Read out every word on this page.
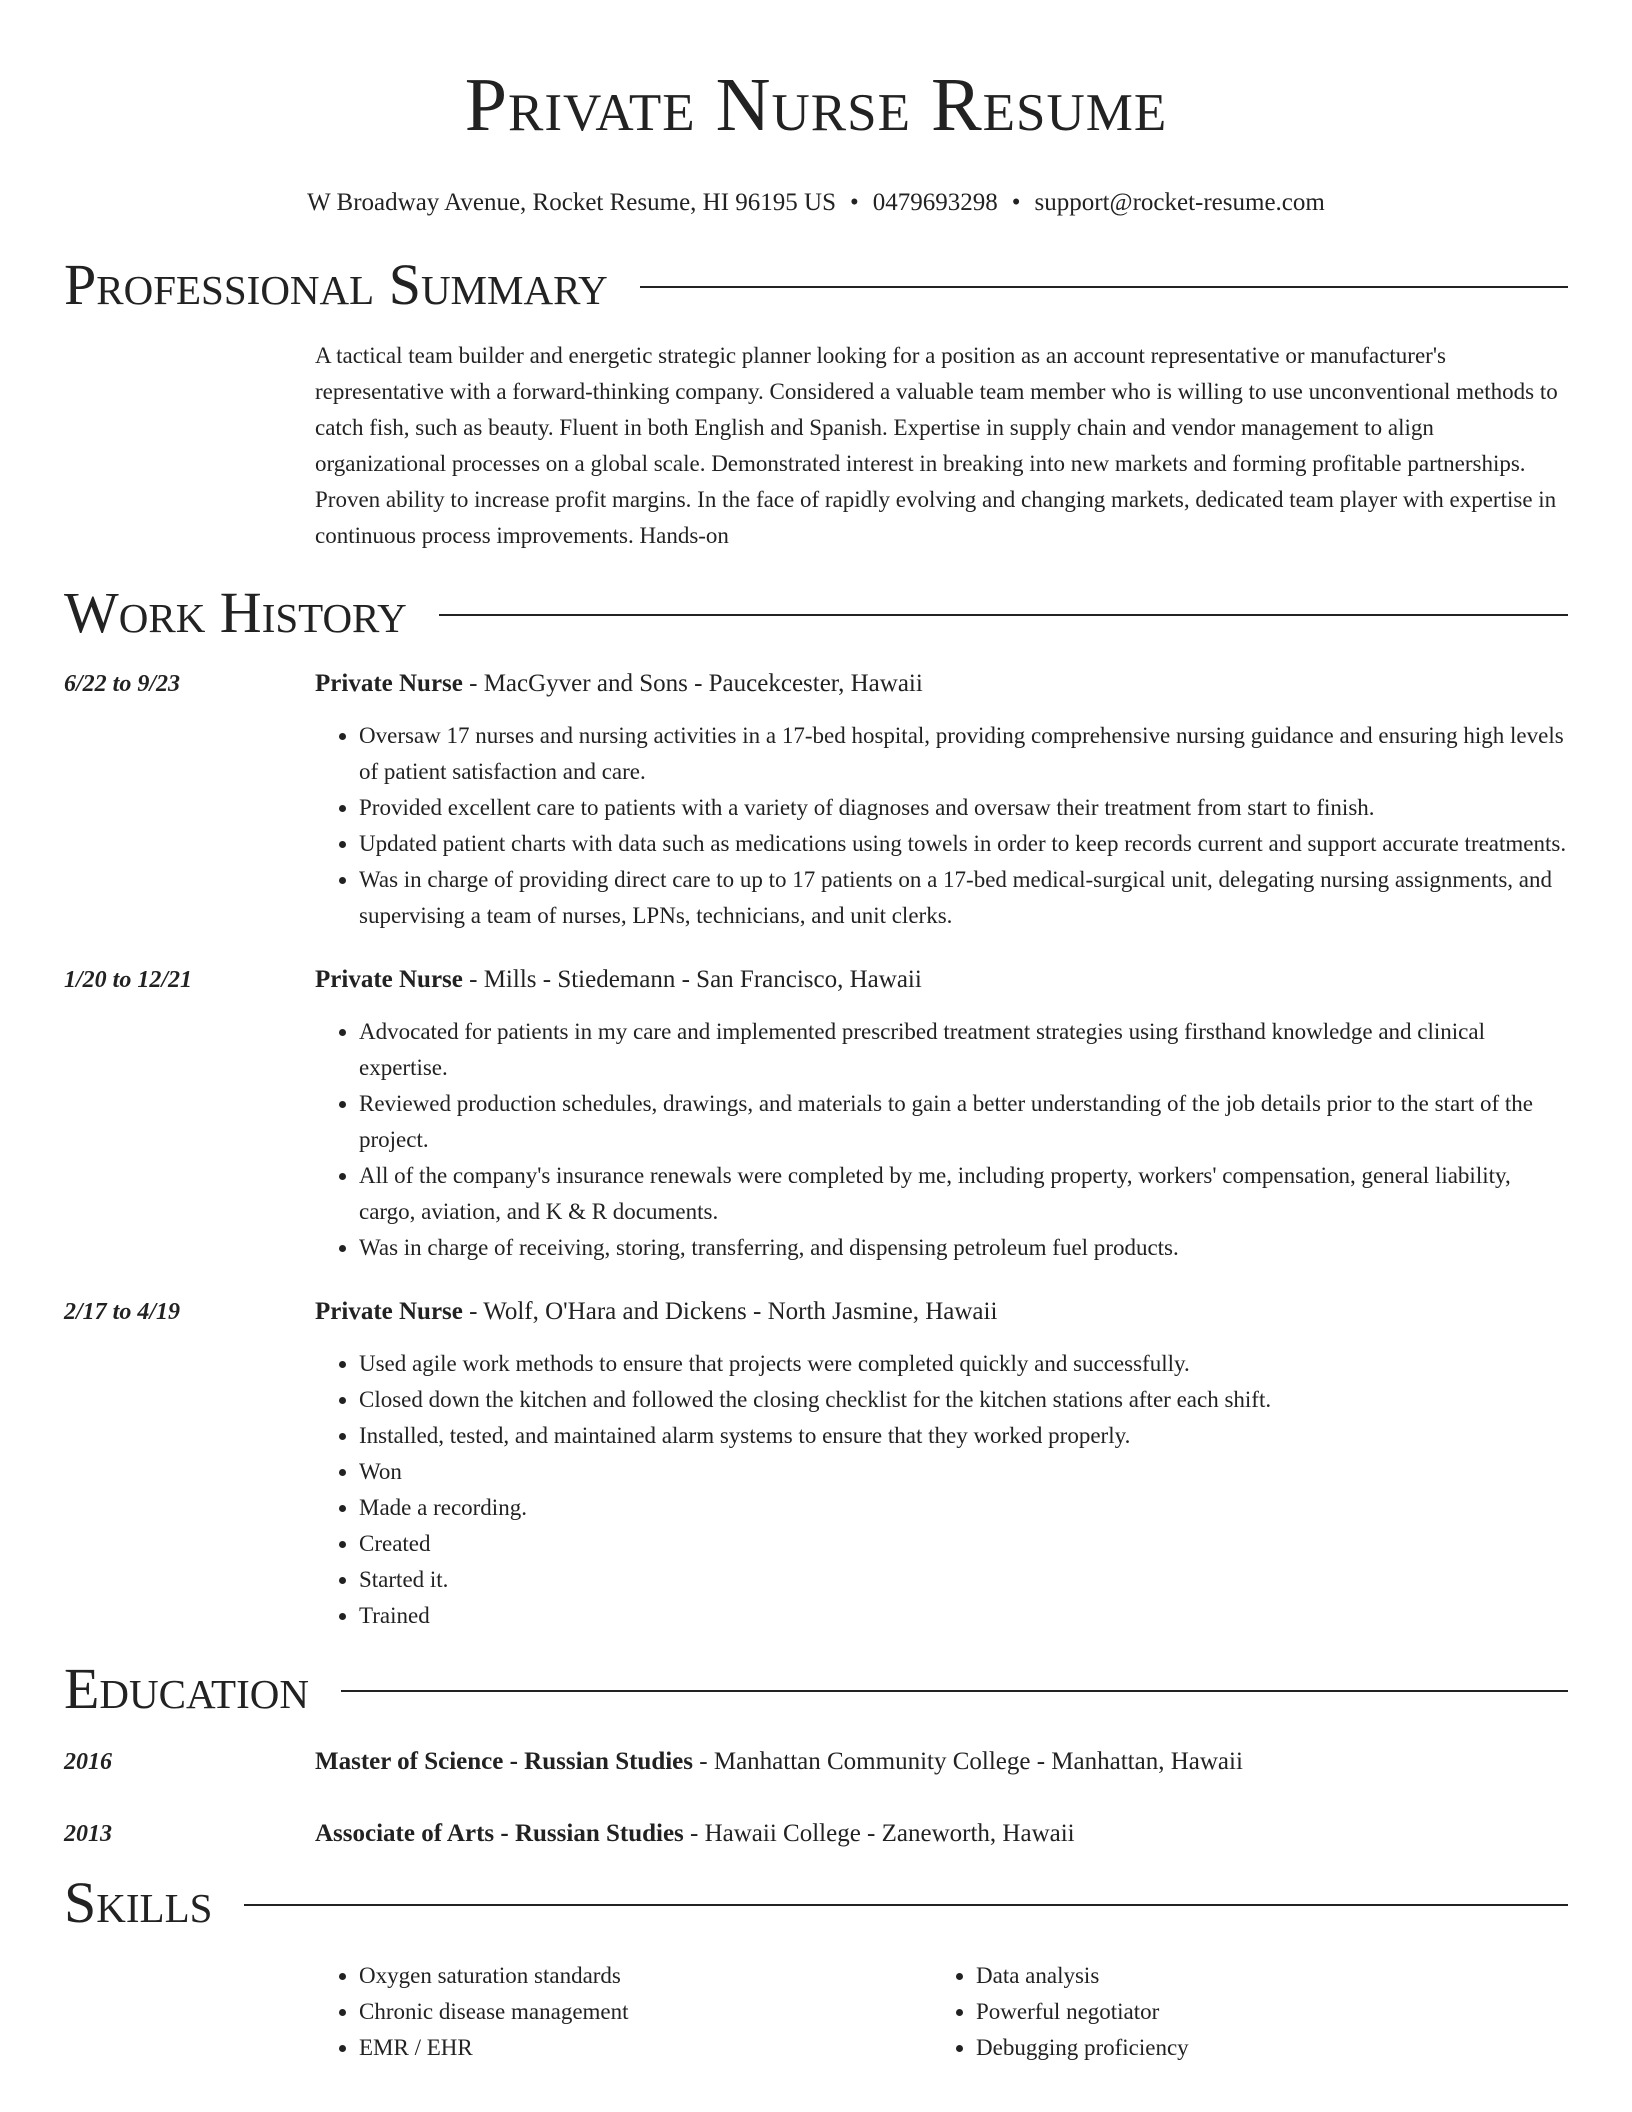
Private Nurse Resume
W Broadway Avenue, Rocket Resume, HI 96195 US • 0479693298 • support@rocket-resume.com
Professional Summary
A tactical team builder and energetic strategic planner looking for a position as an account representative or manufacturer's representative with a forward-thinking company. Considered a valuable team member who is willing to use unconventional methods to catch fish, such as beauty. Fluent in both English and Spanish. Expertise in supply chain and vendor management to align organizational processes on a global scale. Demonstrated interest in breaking into new markets and forming profitable partnerships. Proven ability to increase profit margins. In the face of rapidly evolving and changing markets, dedicated team player with expertise in continuous process improvements. Hands-on
Work History
6/22 to 9/23	Private Nurse - MacGyver and Sons - Paucekcester, Hawaii
• Oversaw 17 nurses and nursing activities in a 17-bed hospital, providing comprehensive nursing guidance and ensuring high levels of patient satisfaction and care.
• Provided excellent care to patients with a variety of diagnoses and oversaw their treatment from start to finish.
• Updated patient charts with data such as medications using towels in order to keep records current and support accurate treatments.
• Was in charge of providing direct care to up to 17 patients on a 17-bed medical-surgical unit, delegating nursing assignments, and supervising a team of nurses, LPNs, technicians, and unit clerks.
1/20 to 12/21	Private Nurse - Mills - Stiedemann - San Francisco, Hawaii
• Advocated for patients in my care and implemented prescribed treatment strategies using firsthand knowledge and clinical expertise.
• Reviewed production schedules, drawings, and materials to gain a better understanding of the job details prior to the start of the project.
• All of the company's insurance renewals were completed by me, including property, workers' compensation, general liability, cargo, aviation, and K & R documents.
• Was in charge of receiving, storing, transferring, and dispensing petroleum fuel products.
2/17 to 4/19	Private Nurse - Wolf, O'Hara and Dickens - North Jasmine, Hawaii
• Used agile work methods to ensure that projects were completed quickly and successfully.
• Closed down the kitchen and followed the closing checklist for the kitchen stations after each shift.
• Installed, tested, and maintained alarm systems to ensure that they worked properly.
• Won
• Made a recording.
• Created
• Started it.
• Trained
Education
2016	Master of Science - Russian Studies - Manhattan Community College - Manhattan, Hawaii
2013	Associate of Arts - Russian Studies - Hawaii College - Zaneworth, Hawaii
Skills
• Oxygen saturation standards
• Chronic disease management
• EMR / EHR
• Data analysis
• Powerful negotiator
• Debugging proficiency
